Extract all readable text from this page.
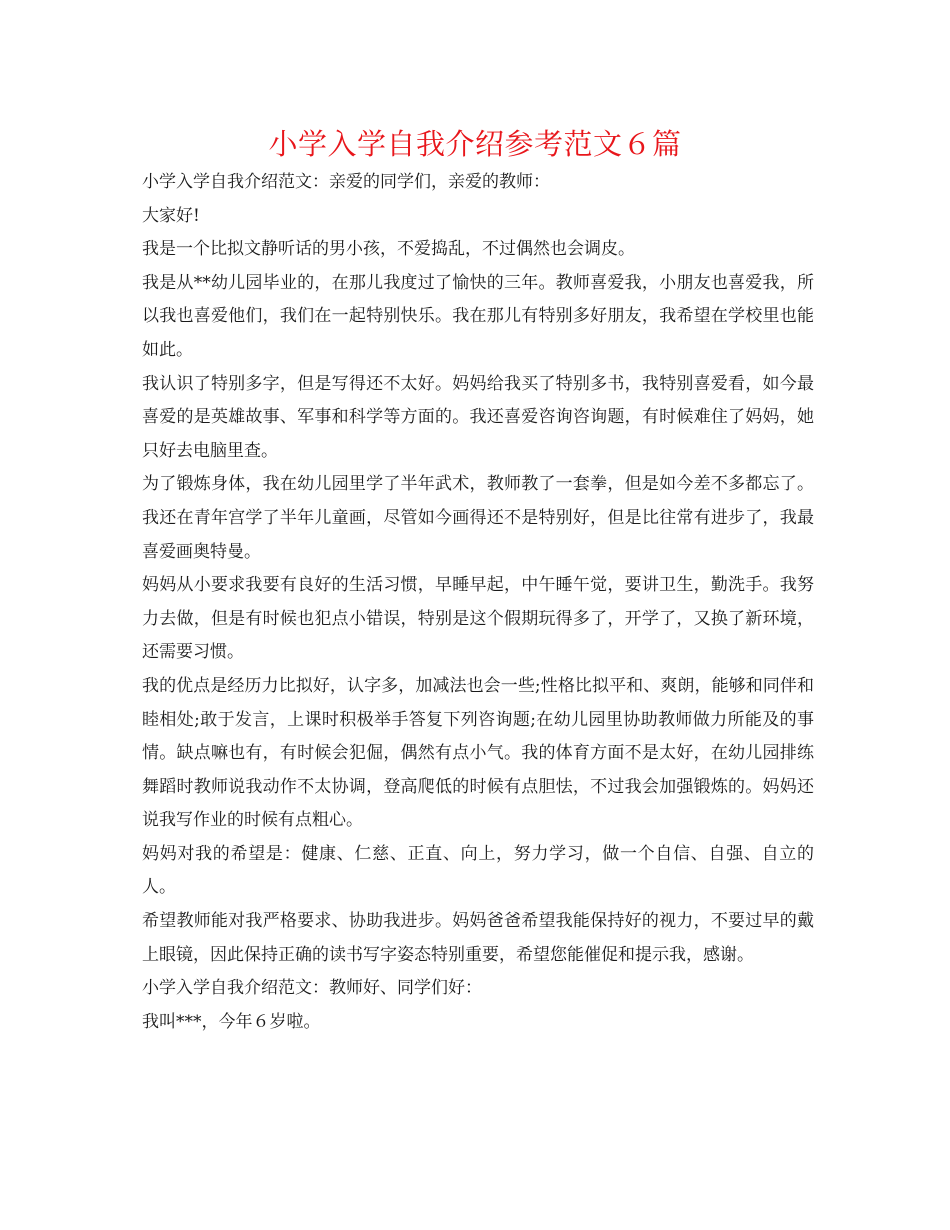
小学入学自我介绍参考范文６篇

小学入学自我介绍范文：亲爱的同学们，亲爱的教师：

大家好!

我是一个比拟文静听话的男小孩，不爱捣乱，不过偶然也会调皮。

我是从**幼儿园毕业的，在那儿我度过了愉快的三年。教师喜爱我，小朋友也喜爱我，所以我也喜爱他们，我们在一起特别快乐。我在那儿有特别多好朋友，我希望在学校里也能如此。

我认识了特别多字，但是写得还不太好。妈妈给我买了特别多书，我特别喜爱看，如今最喜爱的是英雄故事、军事和科学等方面的。我还喜爱咨询咨询题，有时候难住了妈妈，她只好去电脑里查。

为了锻炼身体，我在幼儿园里学了半年武术，教师教了一套拳，但是如今差不多都忘了。我还在青年宫学了半年儿童画，尽管如今画得还不是特别好，但是比往常有进步了，我最喜爱画奥特曼。

妈妈从小要求我要有良好的生活习惯，早睡早起，中午睡午觉，要讲卫生，勤洗手。我努力去做，但是有时候也犯点小错误，特别是这个假期玩得多了，开学了，又换了新环境，还需要习惯。

我的优点是经历力比拟好，认字多，加减法也会一些;性格比拟平和、爽朗，能够和同伴和睦相处;敢于发言，上课时积极举手答复下列咨询题;在幼儿园里协助教师做力所能及的事情。缺点嘛也有，有时候会犯倔，偶然有点小气。我的体育方面不是太好，在幼儿园排练舞蹈时教师说我动作不太协调，登高爬低的时候有点胆怯，不过我会加强锻炼的。妈妈还说我写作业的时候有点粗心。

妈妈对我的希望是：健康、仁慈、正直、向上，努力学习，做一个自信、自强、自立的人。

希望教师能对我严格要求、协助我进步。妈妈爸爸希望我能保持好的视力，不要过早的戴上眼镜，因此保持正确的读书写字姿态特别重要，希望您能催促和提示我，感谢。

小学入学自我介绍范文：教师好、同学们好：

我叫***，今年６岁啦。
